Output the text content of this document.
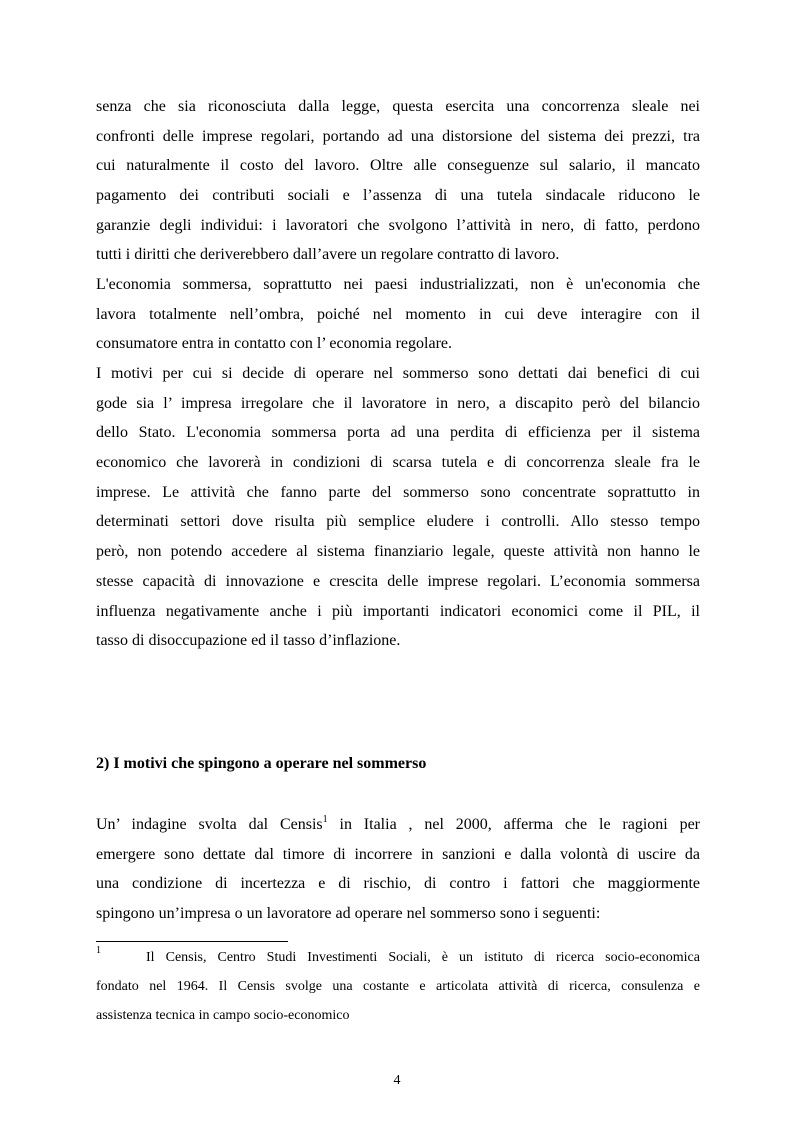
senza che sia riconosciuta dalla legge, questa esercita una concorrenza sleale nei
confronti delle imprese regolari, portando ad una distorsione del sistema dei prezzi, tra
cui naturalmente il costo del lavoro. Oltre alle conseguenze sul salario, il mancato
pagamento dei contributi sociali e l’assenza di una tutela sindacale riducono le
garanzie degli individui: i lavoratori che svolgono l’attività in nero, di fatto, perdono
tutti i diritti che deriverebbero dall’avere un regolare contratto di lavoro.
L'economia sommersa, soprattutto nei paesi industrializzati, non è un'economia che
lavora totalmente nell’ombra, poiché nel momento in cui deve interagire con il
consumatore entra in contatto con l’ economia regolare.
I motivi per cui si decide di operare nel sommerso sono dettati dai benefici di cui
gode sia l’ impresa irregolare che il lavoratore in nero, a discapito però del bilancio
dello Stato. L'economia sommersa porta ad una perdita di efficienza per il sistema
economico che lavorerà in condizioni di scarsa tutela e di concorrenza sleale fra le
imprese. Le attività che fanno parte del sommerso sono concentrate soprattutto in
determinati settori dove risulta più semplice eludere i controlli. Allo stesso tempo
però, non potendo accedere al sistema finanziario legale, queste attività non hanno le
stesse capacità di innovazione e crescita delle imprese regolari. L’economia sommersa
influenza negativamente anche i più importanti indicatori economici come il PIL, il
tasso di disoccupazione ed il tasso d’inflazione.
2) I motivi che spingono a operare nel sommerso
Un’ indagine svolta dal Censis$^1$ in Italia , nel 2000, afferma che le ragioni per
emergere sono dettate dal timore di incorrere in sanzioni e dalla volontà di uscire da
una condizione di incertezza e di rischio, di contro i fattori che maggiormente
spingono un’impresa o un lavoratore ad operare nel sommerso sono i seguenti:
1	Il Censis, Centro Studi Investimenti Sociali, è un istituto di ricerca socio-economica
fondato nel 1964. Il Censis svolge una costante e articolata attività di ricerca, consulenza e
assistenza tecnica in campo socio-economico
4
